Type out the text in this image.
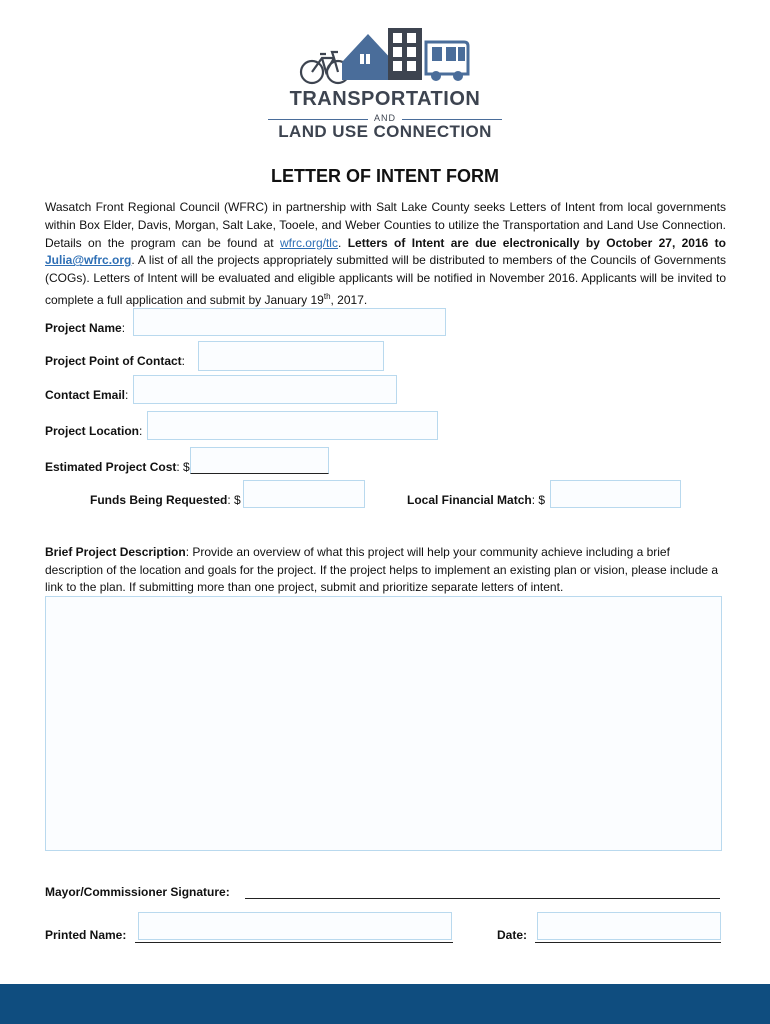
TRANSPORTATION
AND
LAND USE CONNECTION
LETTER OF INTENT FORM
Wasatch Front Regional Council (WFRC) in partnership with Salt Lake County seeks Letters of Intent from local governments within Box Elder, Davis, Morgan, Salt Lake, Tooele, and Weber Counties to utilize the Transportation and Land Use Connection. Details on the program can be found at wfrc.org/tlc. Letters of Intent are due electronically by October 27, 2016 to Julia@wfrc.org. A list of all the projects appropriately submitted will be distributed to members of the Councils of Governments (COGs). Letters of Intent will be evaluated and eligible applicants will be notified in November 2016. Applicants will be invited to complete a full application and submit by January 19th, 2017.
Project Name:
Project Point of Contact:
Contact Email:
Project Location:
Estimated Project Cost: $
Funds Being Requested: $	Local Financial Match: $
Brief Project Description: Provide an overview of what this project will help your community achieve including a brief description of the location and goals for the project. If the project helps to implement an existing plan or vision, please include a link to the plan. If submitting more than one project, submit and prioritize separate letters of intent.
Mayor/Commissioner Signature:
Printed Name:	Date:
